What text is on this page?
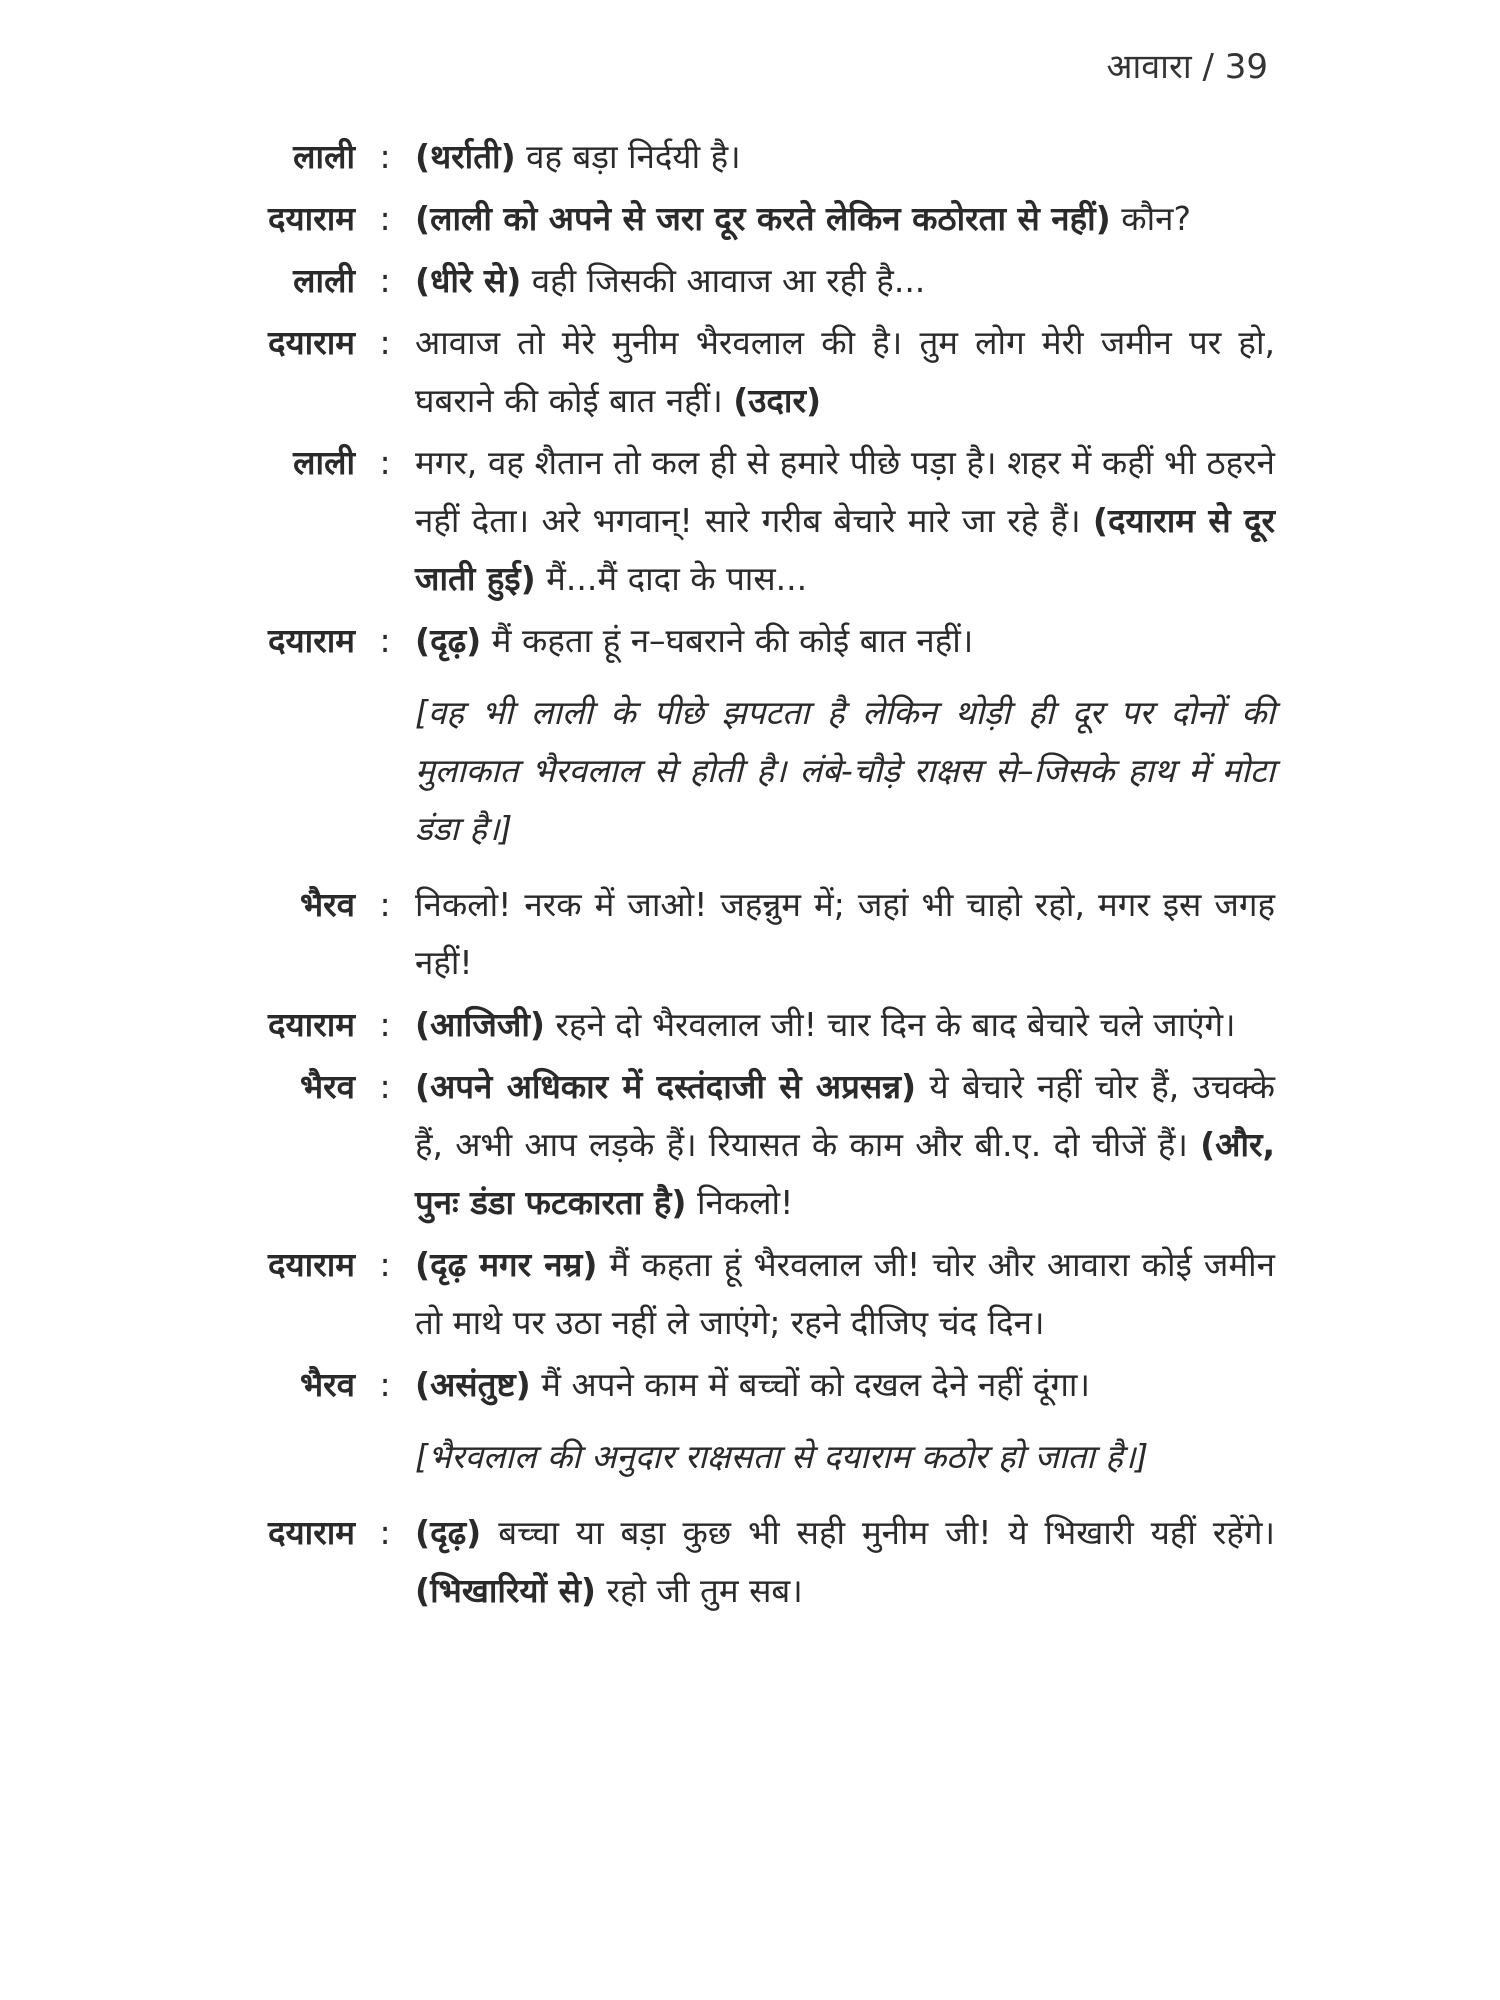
आवारा / 39
लाली : (थर्राती) वह बड़ा निर्दयी है।
दयाराम : (लाली को अपने से जरा दूर करते लेकिन कठोरता से नहीं) कौन?
लाली : (धीरे से) वही जिसकी आवाज आ रही है...
दयाराम : आवाज तो मेरे मुनीम भैरवलाल की है। तुम लोग मेरी जमीन पर हो, घबराने की कोई बात नहीं। (उदार)
लाली : मगर, वह शैतान तो कल ही से हमारे पीछे पड़ा है। शहर में कहीं भी ठहरने नहीं देता। अरे भगवान्! सारे गरीब बेचारे मारे जा रहे हैं। (दयाराम से दूर जाती हुई) मैं...मैं दादा के पास...
दयाराम : (दृढ़) मैं कहता हूं न–घबराने की कोई बात नहीं।
[वह भी लाली के पीछे झपटता है लेकिन थोड़ी ही दूर पर दोनों की मुलाकात भैरवलाल से होती है। लंबे-चौड़े राक्षस से–जिसके हाथ में मोटा डंडा है।]
भैरव : निकलो! नरक में जाओ! जहन्नुम में; जहां भी चाहो रहो, मगर इस जगह नहीं!
दयाराम : (आजिजी) रहने दो भैरवलाल जी! चार दिन के बाद बेचारे चले जाएंगे।
भैरव : (अपने अधिकार में दस्तंदाजी से अप्रसन्न) ये बेचारे नहीं चोर हैं, उचक्के हैं, अभी आप लड़के हैं। रियासत के काम और बी.ए. दो चीजें हैं। (और, पुनः डंडा फटकारता है) निकलो!
दयाराम : (दृढ़ मगर नम्र) मैं कहता हूं भैरवलाल जी! चोर और आवारा कोई जमीन तो माथे पर उठा नहीं ले जाएंगे; रहने दीजिए चंद दिन।
भैरव : (असंतुष्ट) मैं अपने काम में बच्चों को दखल देने नहीं दूंगा।
[भैरवलाल की अनुदार राक्षसता से दयाराम कठोर हो जाता है।]
दयाराम : (दृढ़) बच्चा या बड़ा कुछ भी सही मुनीम जी! ये भिखारी यहीं रहेंगे। (भिखारियों से) रहो जी तुम सब।
